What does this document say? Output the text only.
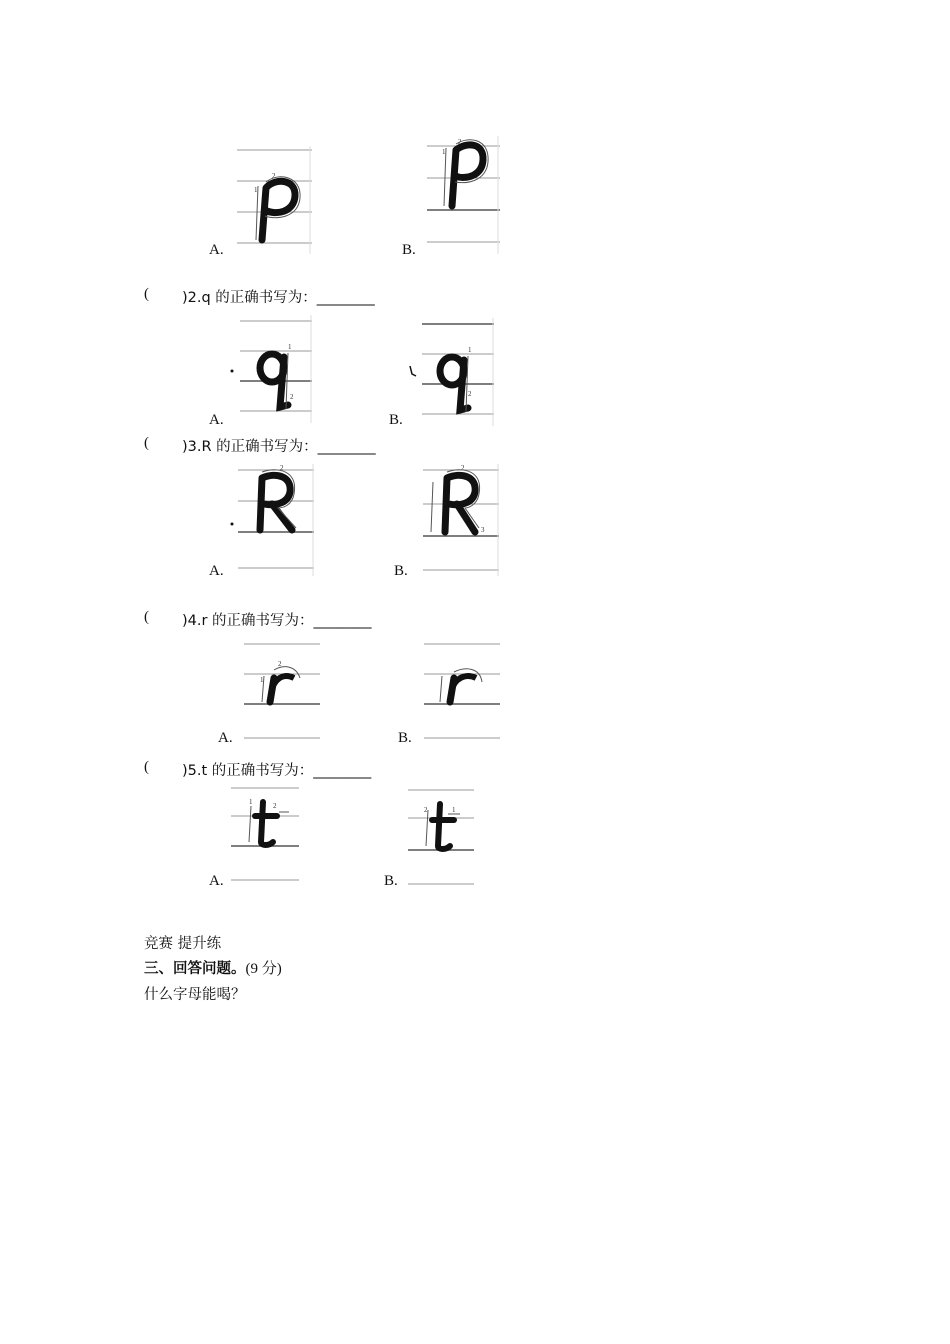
1
2
A.
1
2
B.
( )2.q 的正确书写为：________
1
2
A.
1
2
B.
( )3.R 的正确书写为：________
2
A.
2
3
B.
( )4.r 的正确书写为：________
1
2
A.	B.
( )5.t 的正确书写为：________
1	2
A.
2	1
B.
竞赛 提升练
三、回答问题。(9 分)
什么字母能喝？
